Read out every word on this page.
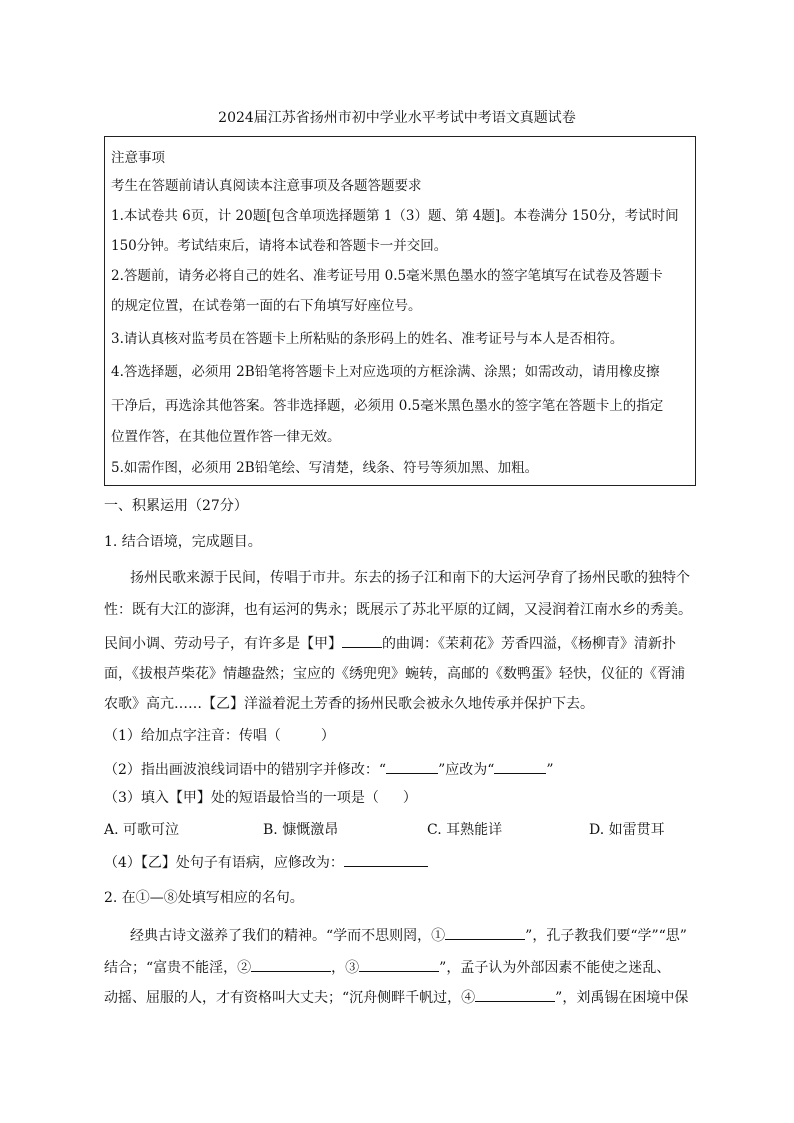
2024届江苏省扬州市初中学业水平考试中考语文真题试卷
注意事项
考生在答题前请认真阅读本注意事项及各题答题要求
1.本试卷共 6页，计 20题[包含单项选择题第 1（3）题、第 4题]。本卷满分 150分，考试时间
150分钟。考试结束后，请将本试卷和答题卡一并交回。
2.答题前，请务必将自己的姓名、准考证号用 0.5毫米黑色墨水的签字笔填写在试卷及答题卡
的规定位置，在试卷第一面的右下角填写好座位号。
3.请认真核对监考员在答题卡上所粘贴的条形码上的姓名、准考证号与本人是否相符。
4.答选择题，必须用 2B铅笔将答题卡上对应选项的方框涂满、涂黑；如需改动，请用橡皮擦
干净后，再选涂其他答案。答非选择题，必须用 0.5毫米黑色墨水的签字笔在答题卡上的指定
位置作答，在其他位置作答一律无效。
5.如需作图，必须用 2B铅笔绘、写清楚，线条、符号等须加黑、加粗。
一、积累运用（27分）
1. 结合语境，完成题目。
扬州民歌来源于民间，传唱于市井。东去的扬子江和南下的大运河孕育了扬州民歌的独特个
性：既有大江的澎湃，也有运河的隽永；既展示了苏北平原的辽阔，又浸润着江南水乡的秀美。
民间小调、劳动号子，有许多是【甲】	的曲调：《茉莉花》芳香四溢，《杨柳青》清新扑
面，《拔根芦柴花》情趣盎然；宝应的《绣兜兜》蜿转，高邮的《数鸭蛋》轻快，仪征的《胥浦
农歌》高亢……【乙】洋溢着泥土芳香的扬州民歌会被永久地传承并保护下去。
（1）给加点字注音：传唱（	）
（2）指出画波浪线词语中的错别字并修改：“	”应改为“	”
（3）填入【甲】处的短语最恰当的一项是（ ）
A. 可歌可泣	B. 慷慨激昂	C. 耳熟能详	D. 如雷贯耳
（4）【乙】处句子有语病，应修改为：
2. 在①—⑧处填写相应的名句。
经典古诗文滋养了我们的精神。“学而不思则罔，①	”，孔子教我们要“学”“思”
结合；“富贵不能淫，②	，③	”，孟子认为外部因素不能使之迷乱、
动摇、屈服的人，才有资格叫大丈夫；“沉舟侧畔千帆过，④	”，刘禹锡在困境中保
